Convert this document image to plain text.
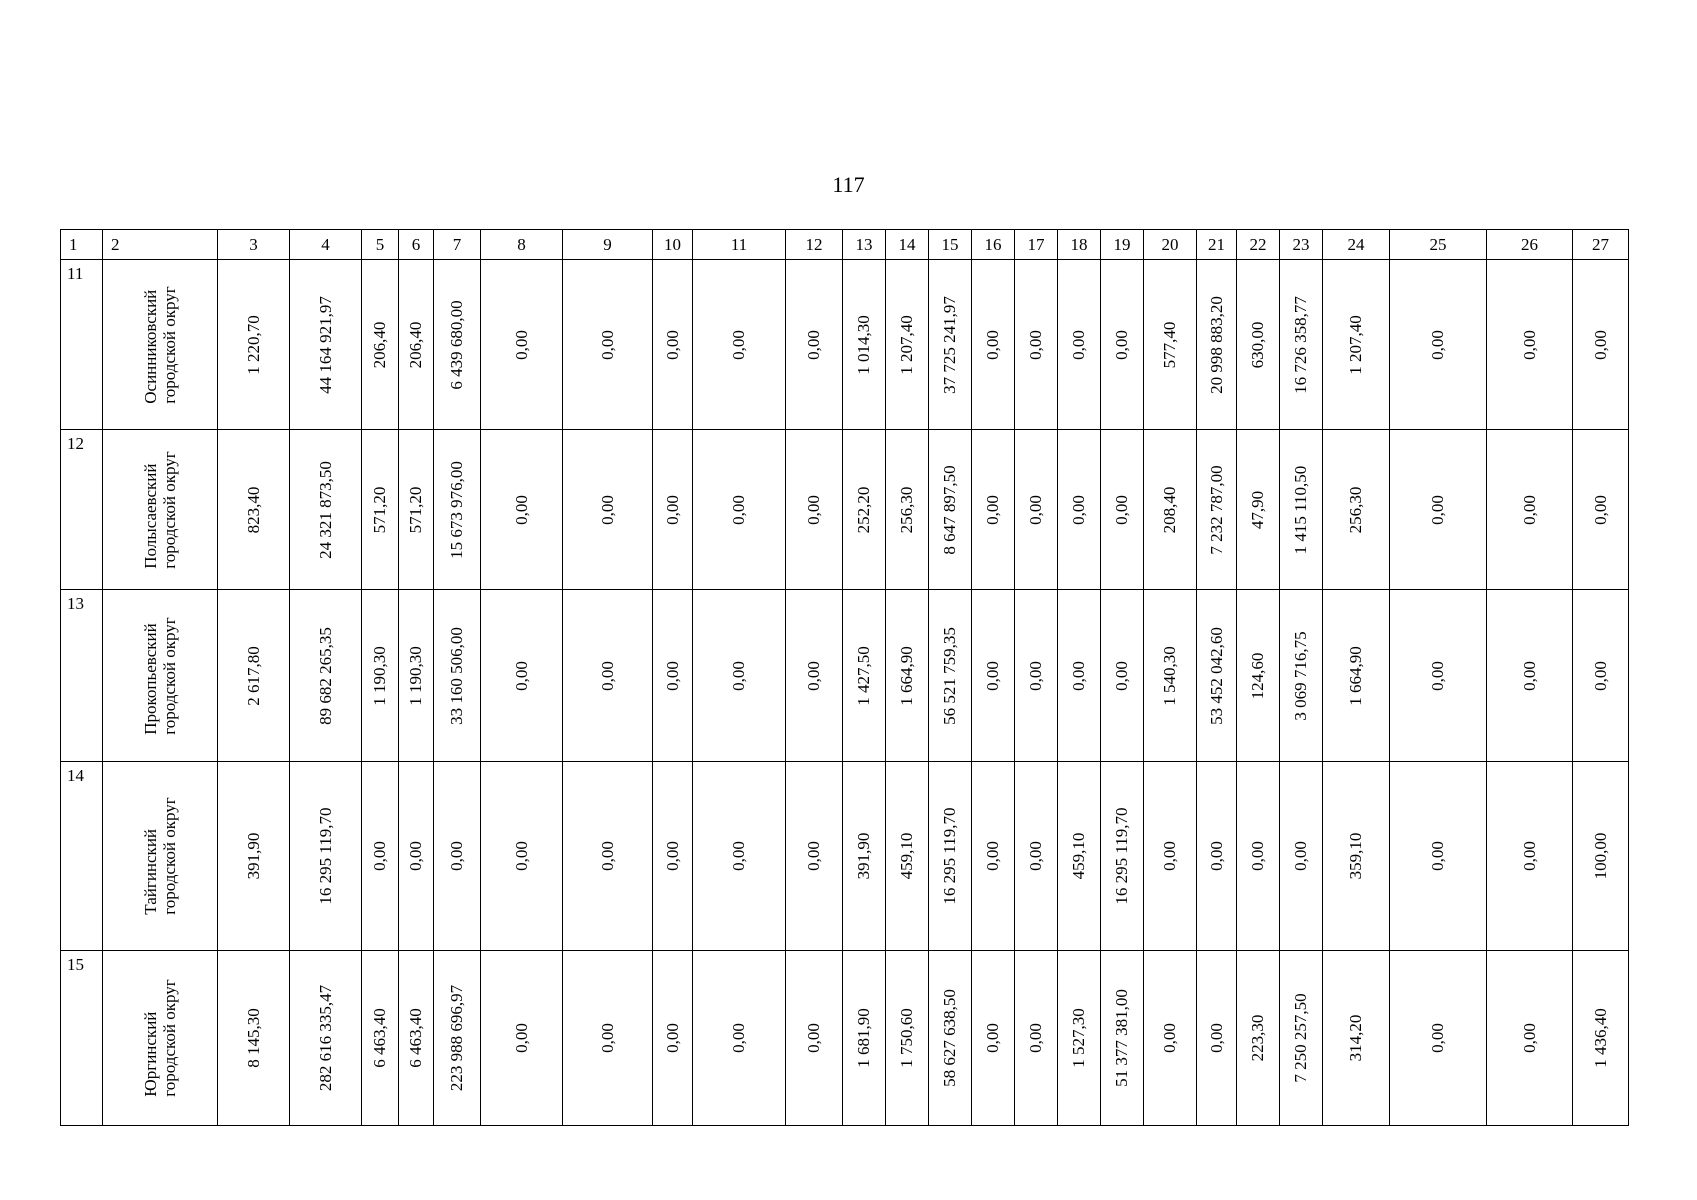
117
1	2	3	4	5	6	7	8	9	10	11	12	13	14	15	16	17	18	19	20	21	22	23	24	25	26	27
11	Осинниковский городской округ	1 220,70	44 164 921,97	206,40	206,40	6 439 680,00	0,00	0,00	0,00	0,00	0,00	1 014,30	1 207,40	37 725 241,97	0,00	0,00	0,00	0,00	577,40	20 998 883,20	630,00	16 726 358,77	1 207,40	0,00	0,00	0,00

12	Полысаевский городской округ	823,40	24 321 873,50	571,20	571,20	15 673 976,00	0,00	0,00	0,00	0,00	0,00	252,20	256,30	8 647 897,50	0,00	0,00	0,00	0,00	208,40	7 232 787,00	47,90	1 415 110,50	256,30	0,00	0,00	0,00

13	Прокопьевский городской округ	2 617,80	89 682 265,35	1 190,30	1 190,30	33 160 506,00	0,00	0,00	0,00	0,00	0,00	1 427,50	1 664,90	56 521 759,35	0,00	0,00	0,00	0,00	1 540,30	53 452 042,60	124,60	3 069 716,75	1 664,90	0,00	0,00	0,00

14	Тайгинский городской округ	391,90	16 295 119,70	0,00	0,00	0,00	0,00	0,00	0,00	0,00	0,00	391,90	459,10	16 295 119,70	0,00	0,00	459,10	16 295 119,70	0,00	0,00	0,00	0,00	359,10	0,00	0,00	100,00

15	Юргинский городской округ	8 145,30	282 616 335,47	6 463,40	6 463,40	223 988 696,97	0,00	0,00	0,00	0,00	0,00	1 681,90	1 750,60	58 627 638,50	0,00	0,00	1 527,30	51 377 381,00	0,00	0,00	223,30	7 250 257,50	314,20	0,00	0,00	1 436,40
